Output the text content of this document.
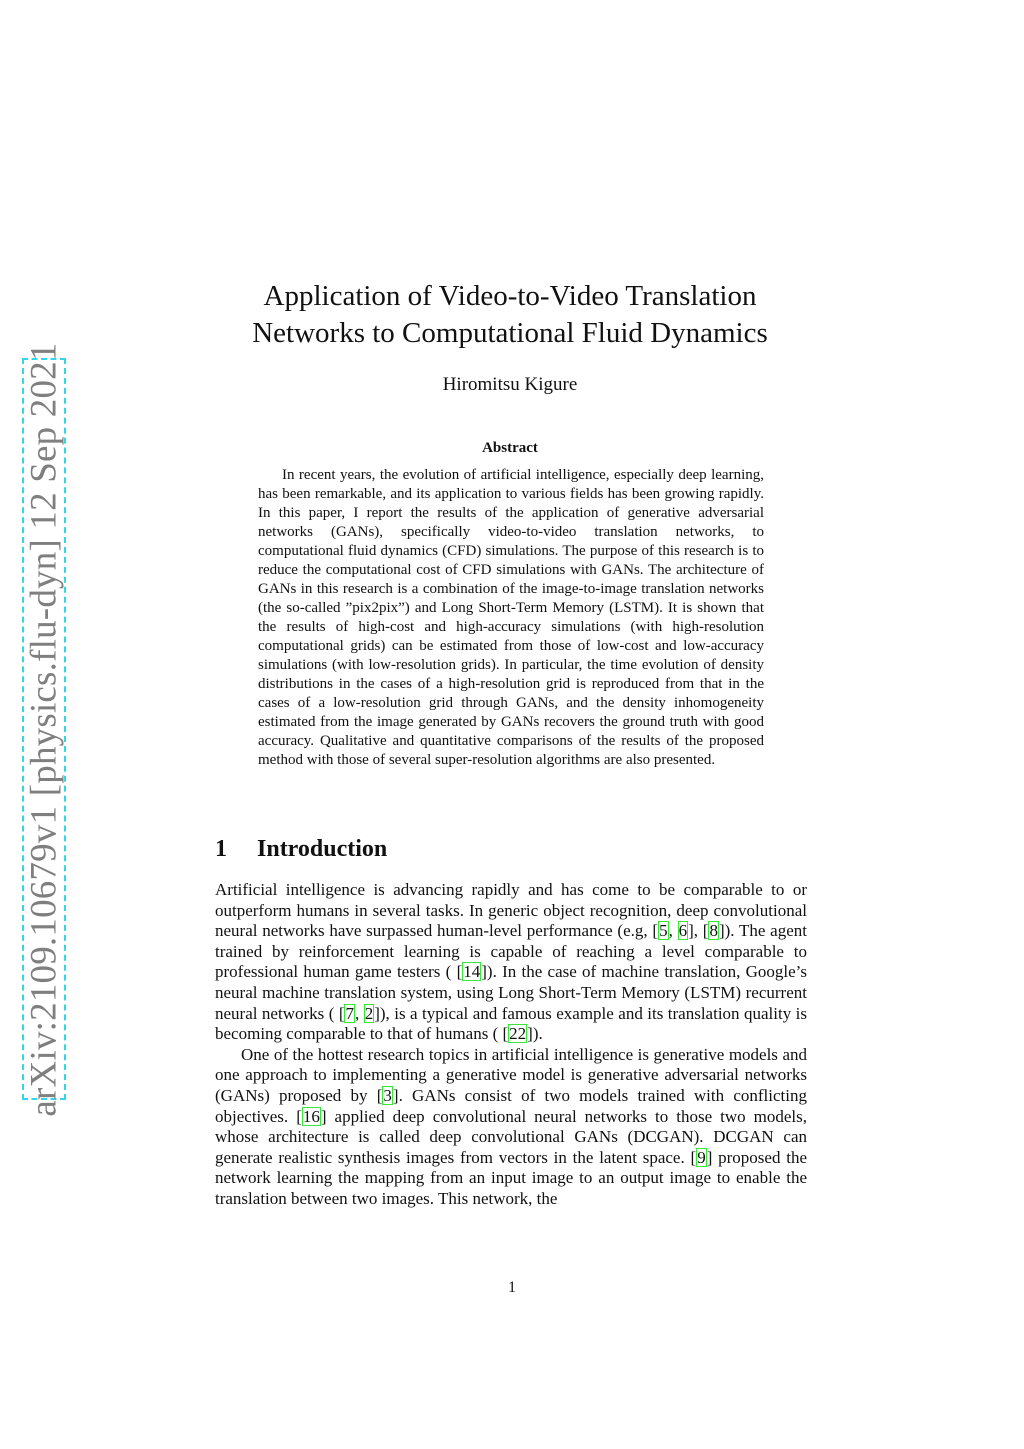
arXiv:2109.10679v1 [physics.flu-dyn] 12 Sep 2021
Application of Video-to-Video Translation
Networks to Computational Fluid Dynamics
Hiromitsu Kigure
Abstract

In recent years, the evolution of artificial intelligence, especially deep learning, has been remarkable, and its application to various fields has been growing rapidly. In this paper, I report the results of the application of generative adversarial networks (GANs), specifically video-to-video translation networks, to computational fluid dynamics (CFD) simulations. The purpose of this research is to reduce the computational cost of CFD simulations with GANs. The architecture of GANs in this research is a combination of the image-to-image translation networks (the so-called ”pix2pix”) and Long Short-Term Memory (LSTM). It is shown that the results of high-cost and high-accuracy simulations (with high-resolution computational grids) can be estimated from those of low-cost and low-accuracy simulations (with low-resolution grids). In particular, the time evolution of density distributions in the cases of a high-resolution grid is reproduced from that in the cases of a low-resolution grid through GANs, and the density inhomogeneity estimated from the image generated by GANs recovers the ground truth with good accuracy. Qualitative and quantitative comparisons of the results of the proposed method with those of several super-resolution algorithms are also presented.

1 Introduction

Artificial intelligence is advancing rapidly and has come to be comparable to or outperform humans in several tasks. In generic object recognition, deep convolutional neural networks have surpassed human-level performance (e.g, [5, 6], [8]). The agent trained by reinforcement learning is capable of reaching a level comparable to professional human game testers ( [14]). In the case of machine translation, Google’s neural machine translation system, using Long Short-Term Memory (LSTM) recurrent neural networks ( [7, 2]), is a typical and famous example and its translation quality is becoming comparable to that of humans ( [22]).

One of the hottest research topics in artificial intelligence is generative models and one approach to implementing a generative model is generative adversarial networks (GANs) proposed by [3]. GANs consist of two models trained with conflicting objectives. [16] applied deep convolutional neural networks to those two models, whose architecture is called deep convolutional GANs (DCGAN). DCGAN can generate realistic synthesis images from vectors in the latent space. [9] proposed the network learning the mapping from an input image to an output image to enable the translation between two images. This network, the

1
